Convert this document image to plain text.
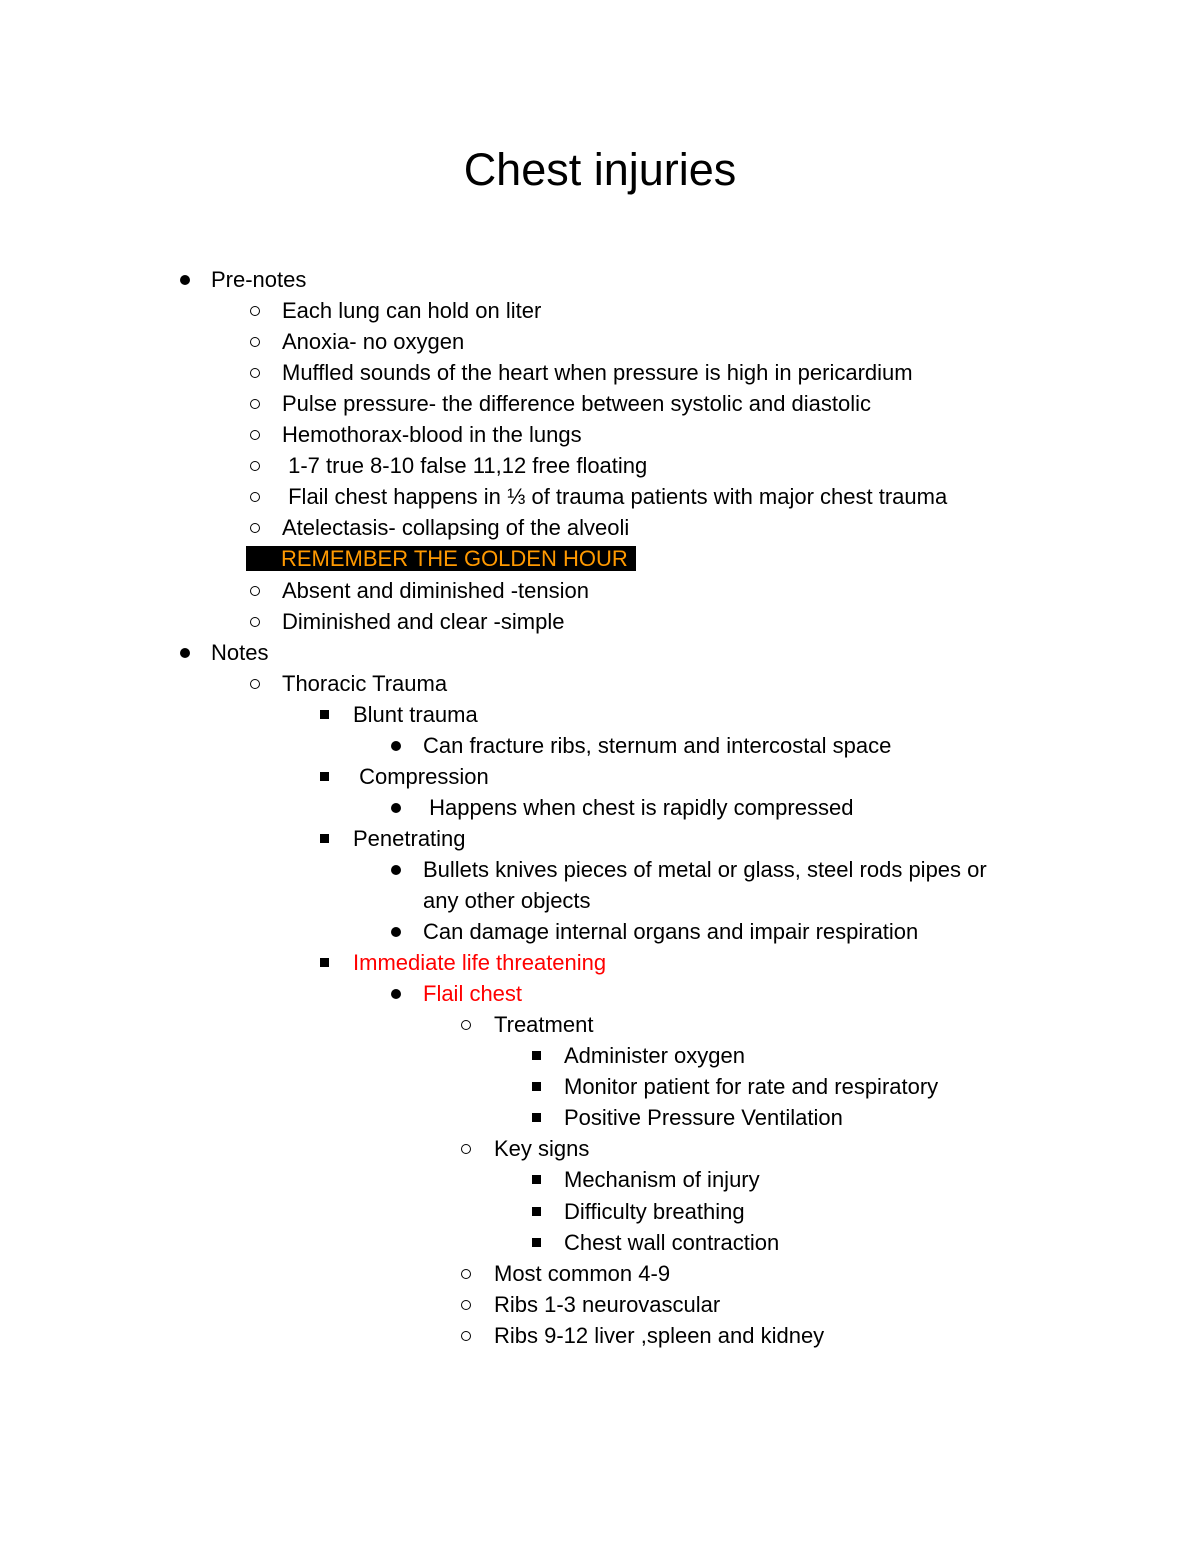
Chest injuries
Pre-notes
Each lung can hold on liter
Anoxia- no oxygen
Muffled sounds of the heart when pressure is high in pericardium
Pulse pressure- the difference between systolic and diastolic
Hemothorax-blood in the lungs
1-7 true 8-10 false 11,12 free floating
Flail chest happens in ⅓ of trauma patients with major chest trauma
Atelectasis- collapsing of the alveoli
REMEMBER THE GOLDEN HOUR
Absent and diminished -tension
Diminished and clear -simple
Notes
Thoracic Trauma
Blunt trauma
Can fracture ribs, sternum and intercostal space
Compression
Happens when chest is rapidly compressed
Penetrating
Bullets knives pieces of metal or glass, steel rods pipes or
any other objects
Can damage internal organs and impair respiration
Immediate life threatening
Flail chest
Treatment
Administer oxygen
Monitor patient for rate and respiratory
Positive Pressure Ventilation
Key signs
Mechanism of injury
Difficulty breathing
Chest wall contraction
Most common 4-9
Ribs 1-3 neurovascular
Ribs 9-12 liver ,spleen and kidney
